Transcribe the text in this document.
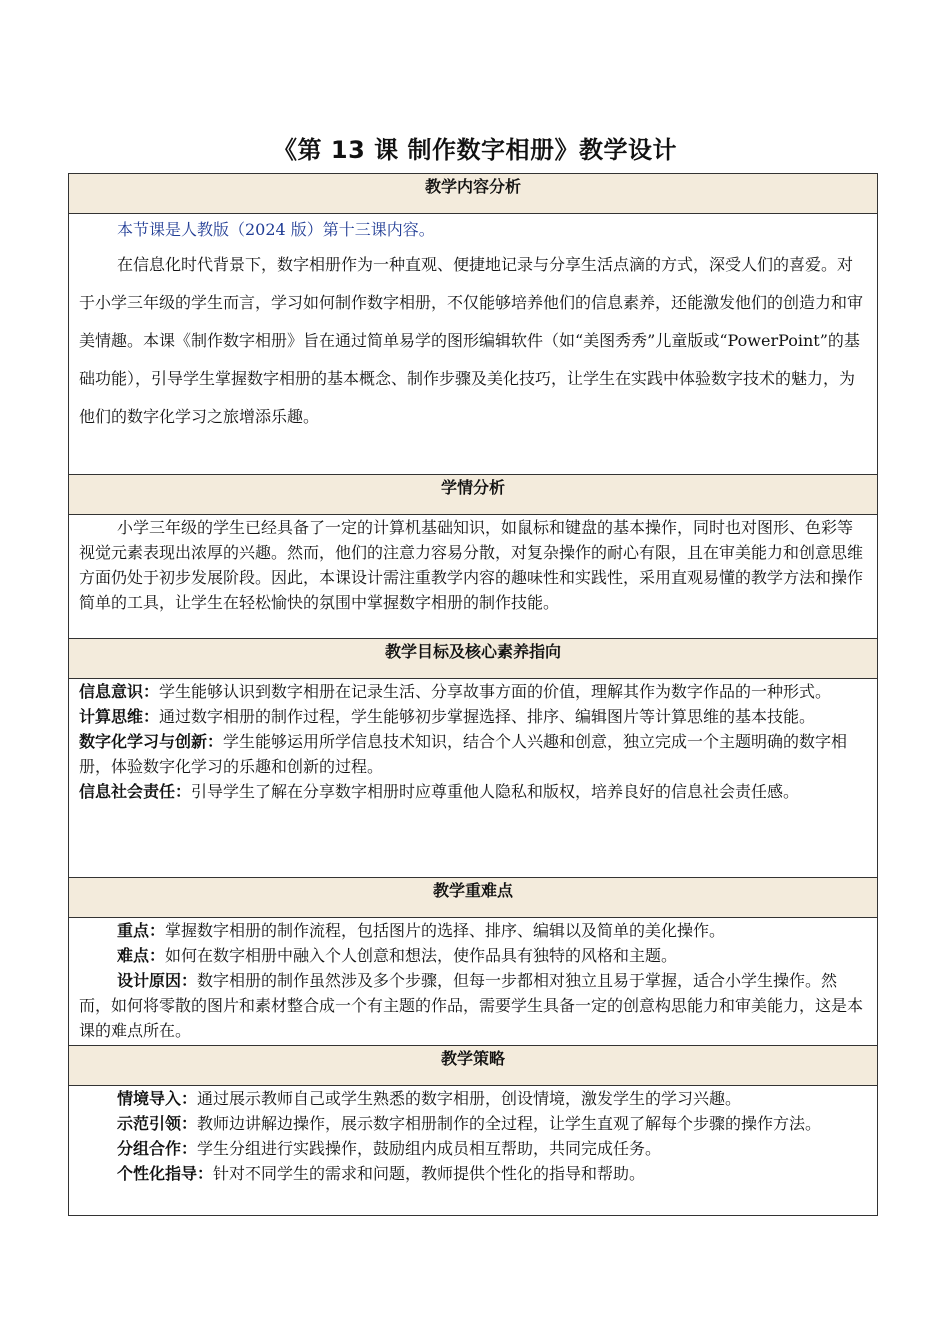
《第 13 课 制作数字相册》教学设计
教学内容分析

本节课是人教版（2024 版）第十三课内容。

在信息化时代背景下，数字相册作为一种直观、便捷地记录与分享生活点滴的方式，深受人们的喜爱。对于小学三年级的学生而言，学习如何制作数字相册，不仅能够培养他们的信息素养，还能激发他们的创造力和审美情趣。本课《制作数字相册》旨在通过简单易学的图形编辑软件（如“美图秀秀”儿童版或“PowerPoint”的基础功能），引导学生掌握数字相册的基本概念、制作步骤及美化技巧，让学生在实践中体验数字技术的魅力，为他们的数字化学习之旅增添乐趣。

学情分析

小学三年级的学生已经具备了一定的计算机基础知识，如鼠标和键盘的基本操作，同时也对图形、色彩等视觉元素表现出浓厚的兴趣。然而，他们的注意力容易分散，对复杂操作的耐心有限，且在审美能力和创意思维方面仍处于初步发展阶段。因此，本课设计需注重教学内容的趣味性和实践性，采用直观易懂的教学方法和操作简单的工具，让学生在轻松愉快的氛围中掌握数字相册的制作技能。

教学目标及核心素养指向

信息意识：学生能够认识到数字相册在记录生活、分享故事方面的价值，理解其作为数字作品的一种形式。

计算思维：通过数字相册的制作过程，学生能够初步掌握选择、排序、编辑图片等计算思维的基本技能。

数字化学习与创新：学生能够运用所学信息技术知识，结合个人兴趣和创意，独立完成一个主题明确的数字相册，体验数字化学习的乐趣和创新的过程。

信息社会责任：引导学生了解在分享数字相册时应尊重他人隐私和版权，培养良好的信息社会责任感。

教学重难点

重点：掌握数字相册的制作流程，包括图片的选择、排序、编辑以及简单的美化操作。

难点：如何在数字相册中融入个人创意和想法，使作品具有独特的风格和主题。

设计原因：数字相册的制作虽然涉及多个步骤，但每一步都相对独立且易于掌握，适合小学生操作。然而，如何将零散的图片和素材整合成一个有主题的作品，需要学生具备一定的创意构思能力和审美能力，这是本课的难点所在。

教学策略

情境导入：通过展示教师自己或学生熟悉的数字相册，创设情境，激发学生的学习兴趣。

示范引领：教师边讲解边操作，展示数字相册制作的全过程，让学生直观了解每个步骤的操作方法。

分组合作：学生分组进行实践操作，鼓励组内成员相互帮助，共同完成任务。

个性化指导：针对不同学生的需求和问题，教师提供个性化的指导和帮助。
